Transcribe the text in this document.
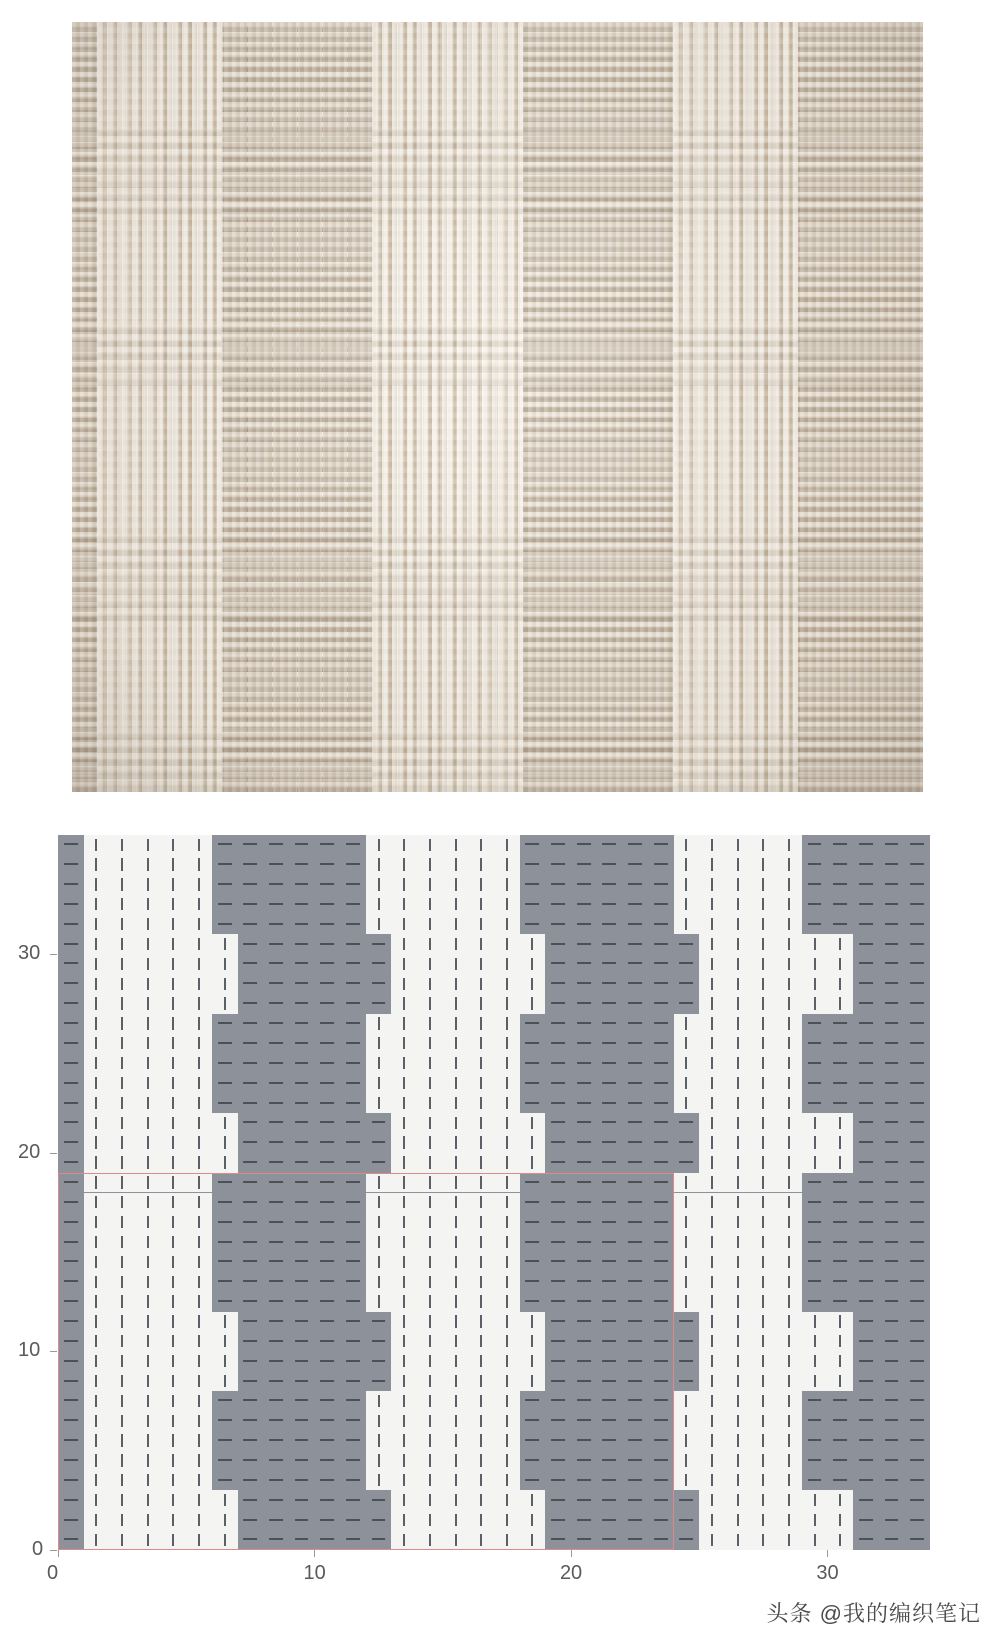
0	10	20	30
0
10
20
30
头条 @我的编织笔记
